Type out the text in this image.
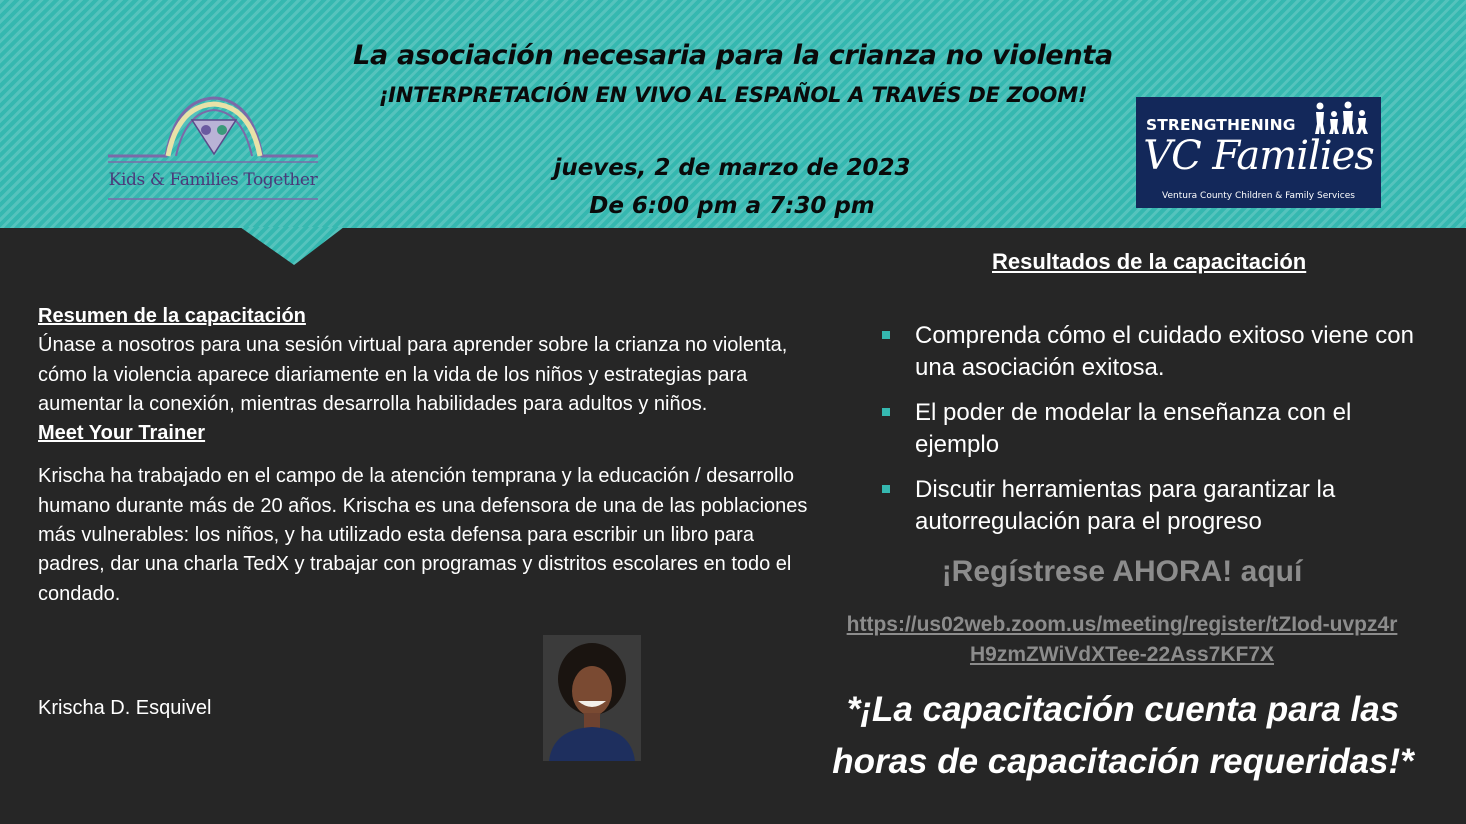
La asociación necesaria para la crianza no violenta
¡INTERPRETACIÓN EN VIVO AL ESPAÑOL A TRAVÉS DE ZOOM!
jueves, 2 de marzo de 2023
De 6:00 pm a 7:30 pm
Kids & Families Together
STRENGTHENING
VC Families
Ventura County Children & Family Services
Resumen de la capacitación
Únase a nosotros para una sesión virtual para aprender sobre la crianza no violenta, cómo la violencia aparece diariamente en la vida de los niños y estrategias para aumentar la conexión, mientras desarrolla habilidades para adultos y niños.
Meet Your Trainer
Krischa ha trabajado en el campo de la atención temprana y la educación / desarrollo humano durante más de 20 años. Krischa es una defensora de una de las poblaciones más vulnerables: los niños, y ha utilizado esta defensa para escribir un libro para padres, dar una charla TedX y trabajar con programas y distritos escolares en todo el condado.
Krischa D. Esquivel
Resultados de la capacitación
Comprenda cómo el cuidado exitoso viene con una asociación exitosa.
El poder de modelar la enseñanza con el ejemplo
Discutir herramientas para garantizar la autorregulación para el progreso
¡Regístrese AHORA! aquí
https://us02web.zoom.us/meeting/register/tZIod-uvpz4rH9zmZWiVdXTee-22Ass7KF7X
*¡La capacitación cuenta para las horas de capacitación requeridas!*
